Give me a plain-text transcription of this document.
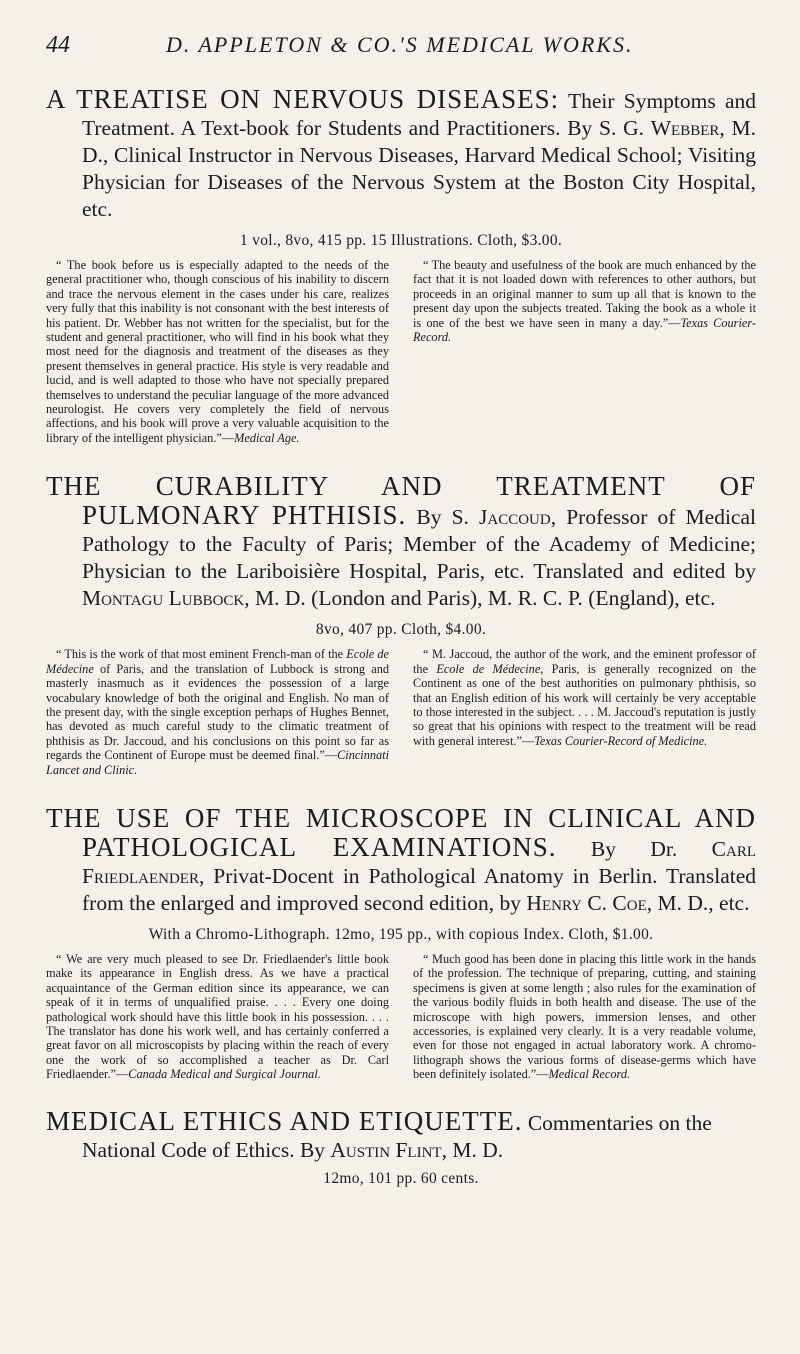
44	D. APPLETON & CO.'S MEDICAL WORKS.
A TREATISE ON NERVOUS DISEASES: Their Symptoms and Treatment. A Text-book for Students and Practitioners. By S. G. Webber, M. D., Clinical Instructor in Nervous Diseases, Harvard Medical School; Visiting Physician for Diseases of the Nervous System at the Boston City Hospital, etc.
1 vol., 8vo, 415 pp. 15 Illustrations. Cloth, $3.00.

“ The book before us is especially adapted to the needs of the general practitioner who, though conscious of his inability to discern and trace the nervous element in the cases under his care, realizes very fully that this inability is not consonant with the best interests of his patient. Dr. Webber has not written for the specialist, but for the student and general practitioner, who will find in his book what they most need for the diagnosis and treatment of the diseases as they present themselves in general practice. His style is very readable and lucid, and is well adapted to those who have not specially prepared themselves to understand the peculiar language of the more advanced neurologist. He covers very completely the field of nervous affections, and his book will prove a very valuable acquisition to the library of the intelligent physician.”—Medical Age.

“ The beauty and usefulness of the book are much enhanced by the fact that it is not loaded down with references to other authors, but proceeds in an original manner to sum up all that is known to the present day upon the subjects treated. Taking the book as a whole it is one of the best we have seen in many a day.”—Texas Courier-Record.

THE CURABILITY AND TREATMENT OF PULMONARY PHTHISIS. By S. Jaccoud, Professor of Medical Pathology to the Faculty of Paris; Member of the Academy of Medicine; Physician to the Lariboisière Hospital, Paris, etc. Translated and edited by Montagu Lubbock, M. D. (London and Paris), M. R. C. P. (England), etc.
8vo, 407 pp. Cloth, $4.00.

“ This is the work of that most eminent French-man of the Ecole de Médecine of Paris, and the translation of Lubbock is strong and masterly inasmuch as it evidences the possession of a large vocabulary knowledge of both the original and English. No man of the present day, with the single exception perhaps of Hughes Bennet, has devoted as much careful study to the climatic treatment of phthisis as Dr. Jaccoud, and his conclusions on this point so far as regards the Continent of Europe must be deemed final.”—Cincinnati Lancet and Clinic.

“ M. Jaccoud, the author of the work, and the eminent professor of the Ecole de Médecine, Paris, is generally recognized on the Continent as one of the best authorities on pulmonary phthisis, so that an English edition of his work will certainly be very acceptable to those interested in the subject. . . . M. Jaccoud's reputation is justly so great that his opinions with respect to the treatment will be read with general interest.”—Texas Courier-Record of Medicine.

THE USE OF THE MICROSCOPE IN CLINICAL AND PATHOLOGICAL EXAMINATIONS. By Dr. Carl Friedlaender, Privat-Docent in Pathological Anatomy in Berlin. Translated from the enlarged and improved second edition, by Henry C. Coe, M. D., etc.
With a Chromo-Lithograph. 12mo, 195 pp., with copious Index. Cloth, $1.00.

“ We are very much pleased to see Dr. Friedlaender's little book make its appearance in English dress. As we have a practical acquaintance of the German edition since its appearance, we can speak of it in terms of unqualified praise. . . . Every one doing pathological work should have this little book in his possession. . . . The translator has done his work well, and has certainly conferred a great favor on all microscopists by placing within the reach of every one the work of so accomplished a teacher as Dr. Carl Friedlaender.”—Canada Medical and Surgical Journal.

“ Much good has been done in placing this little work in the hands of the profession. The technique of preparing, cutting, and staining specimens is given at some length ; also rules for the examination of the various bodily fluids in both health and disease. The use of the microscope with high powers, immersion lenses, and other accessories, is explained very clearly. It is a very readable volume, even for those not engaged in actual laboratory work. A chromo-lithograph shows the various forms of disease-germs which have been definitely isolated.”—Medical Record.

MEDICAL ETHICS AND ETIQUETTE. Commentaries on the National Code of Ethics. By Austin Flint, M. D.
12mo, 101 pp. 60 cents.
